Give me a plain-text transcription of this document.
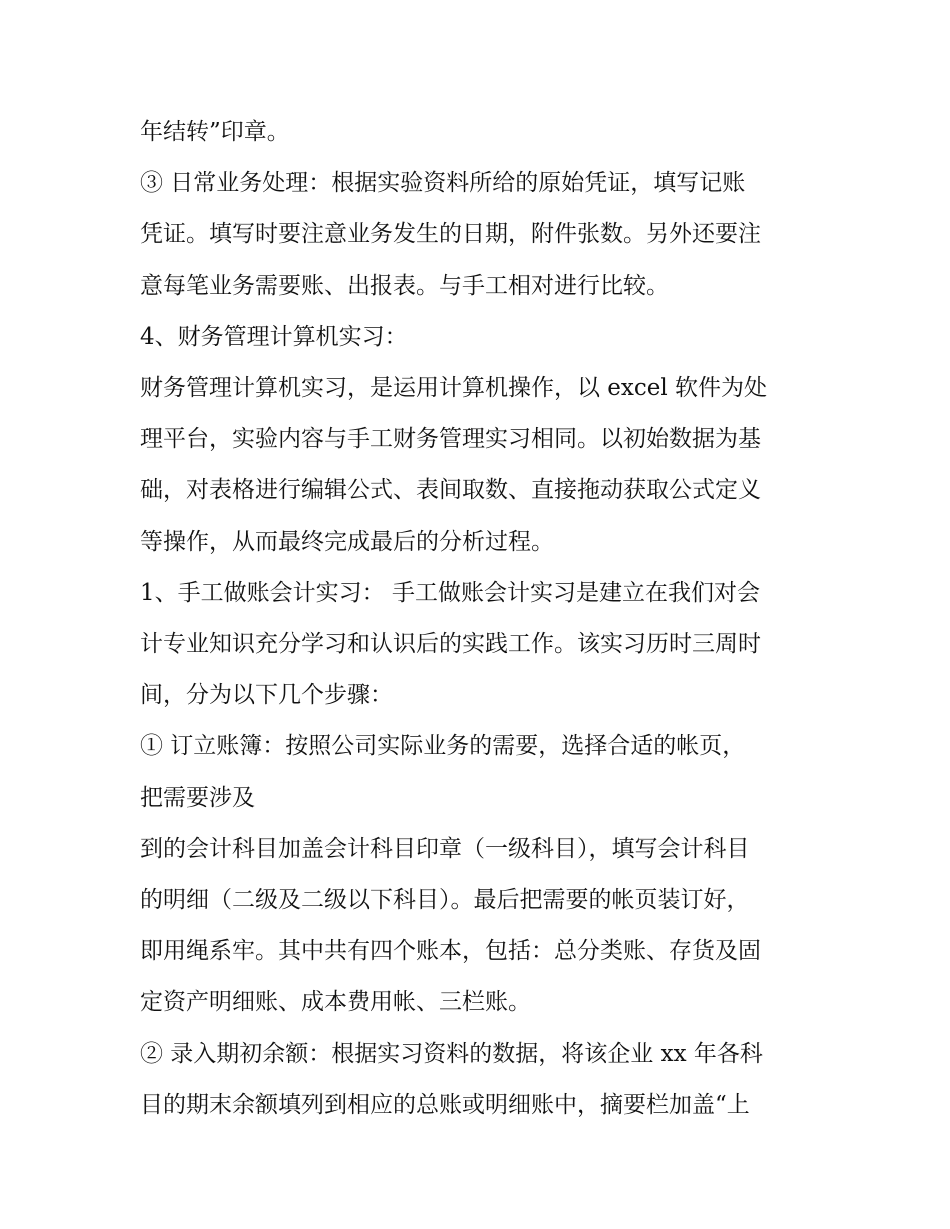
年结转”印章。

③ 日常业务处理：根据实验资料所给的原始凭证，填写记账

凭证。填写时要注意业务发生的日期，附件张数。另外还要注

意每笔业务需要账、出报表。与手工相对进行比较。

4、财务管理计算机实习：

财务管理计算机实习，是运用计算机操作，以 excel 软件为处

理平台，实验内容与手工财务管理实习相同。以初始数据为基

础，对表格进行编辑公式、表间取数、直接拖动获取公式定义

等操作，从而最终完成最后的分析过程。

1、手工做账会计实习： 手工做账会计实习是建立在我们对会

计专业知识充分学习和认识后的实践工作。该实习历时三周时

间，分为以下几个步骤：

① 订立账簿：按照公司实际业务的需要，选择合适的帐页，

把需要涉及

到的会计科目加盖会计科目印章（一级科目），填写会计科目

的明细（二级及二级以下科目）。最后把需要的帐页装订好，

即用绳系牢。其中共有四个账本，包括：总分类账、存货及固

定资产明细账、成本费用帐、三栏账。

② 录入期初余额：根据实习资料的数据，将该企业 xx 年各科

目的期末余额填列到相应的总账或明细账中，摘要栏加盖“上
